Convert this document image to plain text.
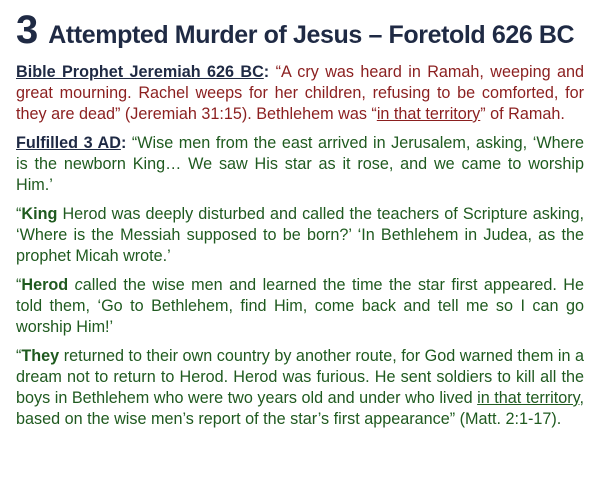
3 Attempted Murder of Jesus – Foretold 626 BC

Bible Prophet Jeremiah 626 BC: “A cry was heard in Ramah, weeping and great mourning. Rachel weeps for her children, refusing to be comforted, for they are dead” (Jeremiah 31:15). Bethlehem was “in that territory” of Ramah.

Fulfilled 3 AD: “Wise men from the east arrived in Jerusalem, asking, ‘Where is the newborn King… We saw His star as it rose, and we came to worship Him.’

“King Herod was deeply disturbed and called the teachers of Scripture asking, ‘Where is the Messiah supposed to be born?’ ‘In Bethlehem in Judea, as the prophet Micah wrote.’

“Herod called the wise men and learned the time the star first appeared. He told them, ‘Go to Bethlehem, find Him, come back and tell me so I can go worship Him!’

“They returned to their own country by another route, for God warned them in a dream not to return to Herod. Herod was furious. He sent soldiers to kill all the boys in Bethlehem who were two years old and under who lived in that territory, based on the wise men’s report of the star’s first appearance” (Matt. 2:1-17).
